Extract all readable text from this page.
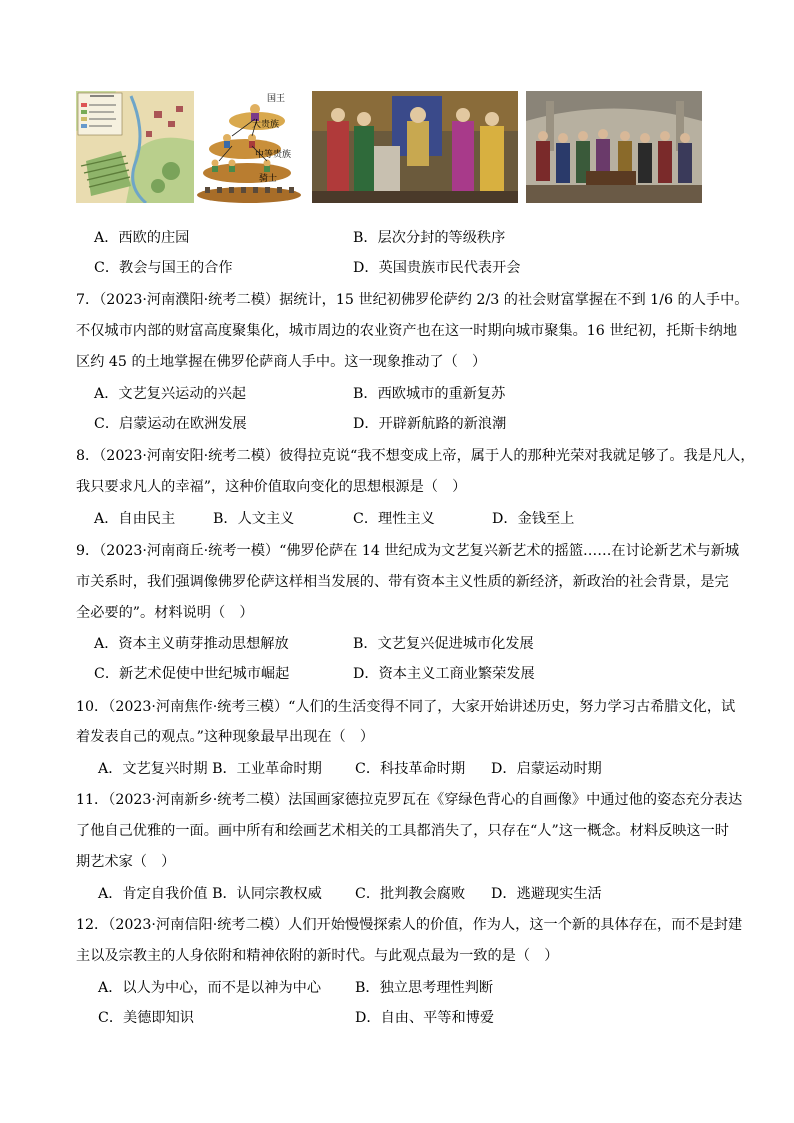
国王
大贵族
中等贵族
骑士
A．西欧的庄园	B．层次分封的等级秩序
C．教会与国王的合作	D．英国贵族市民代表开会
7．（2023·河南濮阳·统考二模）据统计，15 世纪初佛罗伦萨约 2/3 的社会财富掌握在不到 1/6 的人手中。
不仅城市内部的财富高度聚集化，城市周边的农业资产也在这一时期向城市聚集。16 世纪初，托斯卡纳地
区约 45 的土地掌握在佛罗伦萨商人手中。这一现象推动了（　）
A．文艺复兴运动的兴起	B．西欧城市的重新复苏
C．启蒙运动在欧洲发展	D．开辟新航路的新浪潮
8．（2023·河南安阳·统考二模）彼得拉克说“我不想变成上帝，属于人的那种光荣对我就足够了。我是凡人，
我只要求凡人的幸福”，这种价值取向变化的思想根源是（　）
A．自由民主	B．人文主义	C．理性主义	D．金钱至上
9．（2023·河南商丘·统考一模）“佛罗伦萨在 14 世纪成为文艺复兴新艺术的摇篮……在讨论新艺术与新城
市关系时，我们强调像佛罗伦萨这样相当发展的、带有资本主义性质的新经济，新政治的社会背景，是完
全必要的”。材料说明（　）
A．资本主义萌芽推动思想解放	B．文艺复兴促进城市化发展
C．新艺术促使中世纪城市崛起	D．资本主义工商业繁荣发展
10．（2023·河南焦作·统考三模）“人们的生活变得不同了，大家开始讲述历史，努力学习古希腊文化，试
着发表自己的观点。”这种现象最早出现在（　）
A．文艺复兴时期 B．工业革命时期 C．科技革命时期 D．启蒙运动时期
11．（2023·河南新乡·统考二模）法国画家德拉克罗瓦在《穿绿色背心的自画像》中通过他的姿态充分表达
了他自己优雅的一面。画中所有和绘画艺术相关的工具都消失了，只存在“人”这一概念。材料反映这一时
期艺术家（　）
A．肯定自我价值 B．认同宗教权威 C．批判教会腐败 D．逃避现实生活
12．（2023·河南信阳·统考二模）人们开始慢慢探索人的价值，作为人，这一个新的具体存在，而不是封建
主以及宗教主的人身依附和精神依附的新时代。与此观点最为一致的是（　）
A．以人为中心，而不是以神为中心 B．独立思考理性判断
C．美德即知识	D．自由、平等和博爱
